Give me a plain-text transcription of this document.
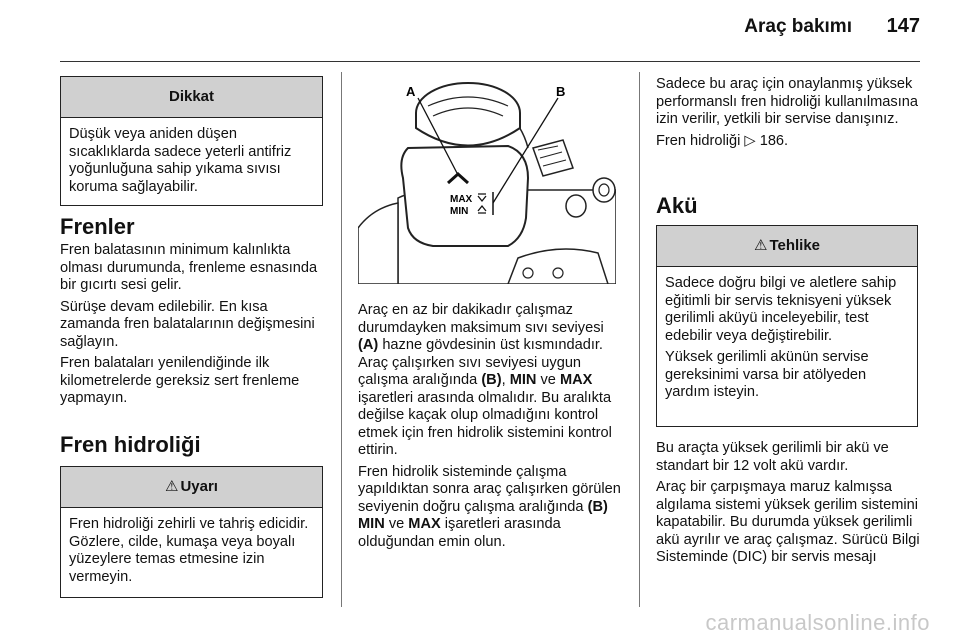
Araç bakımı 147
Dikkat

Düşük veya aniden düşen sıcaklıklarda sadece yeterli antifriz yoğunluğuna sahip yıkama sıvısı koruma sağlayabilir.

Frenler

Fren balatasının minimum kalınlıkta olması durumunda, frenleme esnasında bir gıcırtı sesi gelir.

Sürüşe devam edilebilir. En kısa zamanda fren balatalarının değişmesini sağlayın.

Fren balataları yenilendiğinde ilk kilometrelerde gereksiz sert frenleme yapmayın.

Fren hidroliği
⚠ Uyarı

Fren hidroliği zehirli ve tahriş edicidir. Gözlere, cilde, kumaşa veya boyalı yüzeylere temas etmesine izin vermeyin.

MAX
MIN
A	B

Araç en az bir dakikadır çalışmaz durumdayken maksimum sıvı seviyesi (A) hazne gövdesinin üst kısmındadır. Araç çalışırken sıvı seviyesi uygun çalışma aralığında (B), MIN ve MAX işaretleri arasında olmalıdır. Bu aralıkta değilse kaçak olup olmadığını kontrol etmek için fren hidrolik sistemini kontrol ettirin.

Fren hidrolik sisteminde çalışma yapıldıktan sonra araç çalışırken görülen seviyenin doğru çalışma aralığında (B) MIN ve MAX işaretleri arasında olduğundan emin olun.

Sadece bu araç için onaylanmış yüksek performanslı fren hidroliği kullanılmasına izin verilir, yetkili bir servise danışınız.

Fren hidroliği ▷ 186.

Akü
⚠ Tehlike

Sadece doğru bilgi ve aletlere sahip eğitimli bir servis teknisyeni yüksek gerilimli aküyü inceleyebilir, test edebilir veya değiştirebilir.

Yüksek gerilimli akünün servise gereksinimi varsa bir atölyeden yardım isteyin.

Bu araçta yüksek gerilimli bir akü ve standart bir 12 volt akü vardır.

Araç bir çarpışmaya maruz kalmışsa algılama sistemi yüksek gerilim sistemini kapatabilir. Bu durumda yüksek gerilimli akü ayrılır ve araç çalışmaz. Sürücü Bilgi Sisteminde (DIC) bir servis mesajı

carmanualsonline.info
